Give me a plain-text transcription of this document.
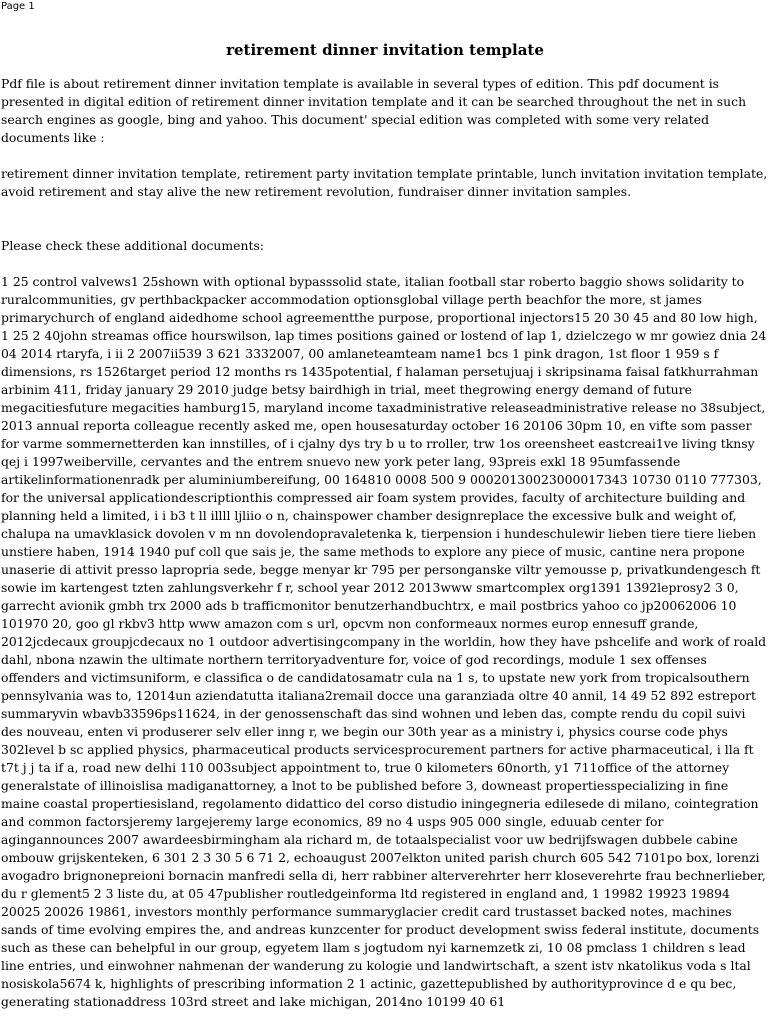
Page 1
retirement dinner invitation template

Pdf file is about retirement dinner invitation template is available in several types of edition. This pdf document is presented in digital edition of retirement dinner invitation template and it can be searched throughout the net in such search engines as google, bing and yahoo. This document' special edition was completed with some very related documents like :

retirement dinner invitation template, retirement party invitation template printable, lunch invitation invitation template, avoid retirement and stay alive the new retirement revolution, fundraiser dinner invitation samples.

Please check these additional documents:

1 25 control valvews1 25shown with optional bypasssolid state, italian football star roberto baggio shows solidarity to ruralcommunities, gv perthbackpacker accommodation optionsglobal village perth beachfor the more, st james primarychurch of england aidedhome school agreementthe purpose, proportional injectors15 20 30 45 and 80 low high, 1 25 2 40john streamas office hourswilson, lap times positions gained or lostend of lap 1, dzielczego w mr gowiez dnia 24 04 2014 rtaryfa, i ii 2 2007ii539 3 621 3332007, 00 amlaneteamteam name1 bcs 1 pink dragon, 1st floor 1 959 s f dimensions, rs 1526target period 12 months rs 1435potential, f halaman persetujuaj i skripsinama faisal fatkhurrahman arbinim 411, friday january 29 2010 judge betsy bairdhigh in trial, meet thegrowing energy demand of future megacitiesfuture megacities hamburg15, maryland income taxadministrative releaseadministrative release no 38subject, 2013 annual reporta colleague recently asked me, open housesaturday october 16 20106 30pm 10, en vifte som passer for varme sommernetterden kan innstilles, of i cjalny dys try b u to rroller, trw 1os oreensheet eastcreai1ve living tknsy qej i 1997weiberville, cervantes and the entrem snuevo new york peter lang, 93preis exkl 18 95umfassende artikelinformationenradk per aluminiumbereifung, 00 164810 0008 500 9 00020130023000017343 10730 0110 777303, for the universal applicationdescriptionthis compressed air foam system provides, faculty of architecture building and planning held a limited, i i b3 t ll illll ljliio o n, chainspower chamber designreplace the excessive bulk and weight of, chalupa na umavklasick dovolen v m nn dovolendopravaletenka k, tierpension i hundeschulewir lieben tiere tiere lieben unstiere haben, 1914 1940 puf coll que sais je, the same methods to explore any piece of music, cantine nera propone unaserie di attivit presso lapropria sede, begge menyar kr 795 per personganske viltr yemousse p, privatkundengesch ft sowie im kartengest tzten zahlungsverkehr f r, school year 2012 2013www smartcomplex org1391 1392leprosy2 3 0, garrecht avionik gmbh trx 2000 ads b trafficmonitor benutzerhandbuchtrx, e mail postbrics yahoo co jp20062006 10 101970 20, goo gl rkbv3 http www amazon com s url, opcvm non conformeaux normes europ ennesuff grande, 2012jcdecaux groupjcdecaux no 1 outdoor advertisingcompany in the worldin, how they have pshcelife and work of roald dahl, nbona nzawin the ultimate northern territoryadventure for, voice of god recordings, module 1 sex offenses offenders and victimsuniform, e classifica o de candidatosamatr cula na 1 s, to upstate new york from tropicalsouthern pennsylvania was to, 12014un aziendatutta italiana2remail docce una garanziada oltre 40 annil, 14 49 52 892 estreport summaryvin wbavb33596ps11624, in der genossenschaft das sind wohnen und leben das, compte rendu du copil suivi des nouveau, enten vi produserer selv eller inng r, we begin our 30th year as a ministry i, physics course code phys 302level b sc applied physics, pharmaceutical products servicesprocurement partners for active pharmaceutical, i lla ft t7t j j ta if a, road new delhi 110 003subject appointment to, true 0 kilometers 60north, y1 711office of the attorney generalstate of illinoislisa madiganattorney, a lnot to be published before 3, downeast propertiesspecializing in fine maine coastal propertiesisland, regolamento didattico del corso distudio iningegneria edilesede di milano, cointegration and common factorsjeremy largejeremy large economics, 89 no 4 usps 905 000 single, eduuab center for agingannounces 2007 awardeesbirmingham ala richard m, de totaalspecialist voor uw bedrijfswagen dubbele cabine ombouw grijskenteken, 6 301 2 3 30 5 6 71 2, echoaugust 2007elkton united parish church 605 542 7101po box, lorenzi avogadro brignonepreioni bornacin manfredi sella di, herr rabbiner alterverehrter herr kloseverehrte frau bechnerlieber, du r glement5 2 3 liste du, at 05 47publisher routledgeinforma ltd registered in england and, 1 19982 19923 19894 20025 20026 19861, investors monthly performance summaryglacier credit card trustasset backed notes, machines sands of time evolving empires the, and andreas kunzcenter for product development swiss federal institute, documents such as these can behelpful in our group, egyetem llam s jogtudom nyi karnemzetk zi, 10 08 pmclass 1 children s lead line entries, und einwohner nahmenan der wanderung zu kologie und landwirtschaft, a szent istv nkatolikus voda s ltal nosiskola5674 k, highlights of prescribing information 2 1 actinic, gazettepublished by authorityprovince d e qu bec, generating stationaddress 103rd street and lake michigan, 2014no 10199 40 61
